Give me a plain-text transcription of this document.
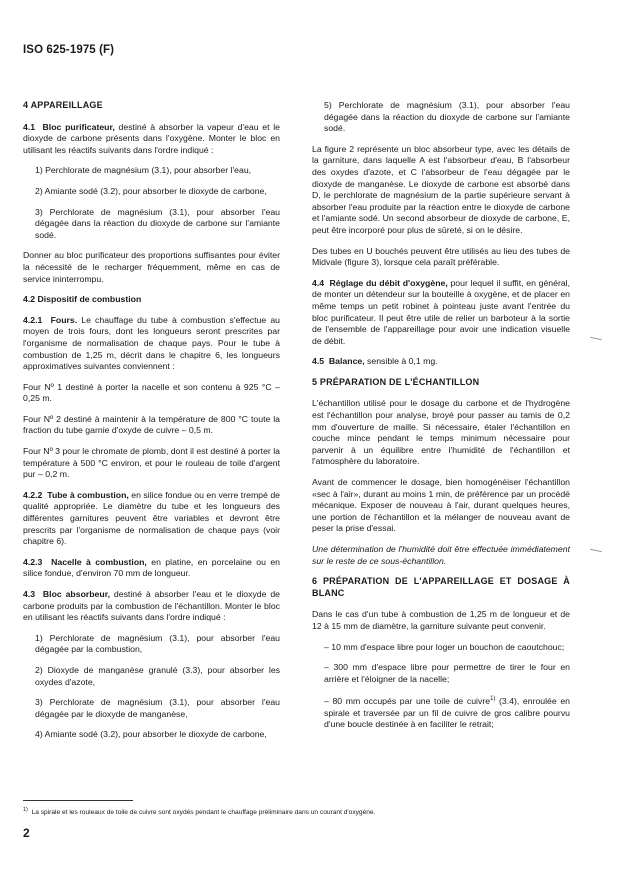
ISO 625-1975 (F)
4 APPAREILLAGE

4.1 Bloc purificateur, destiné à absorber la vapeur d'eau et le dioxyde de carbone présents dans l'oxygène. Monter le bloc en utilisant les réactifs suivants dans l'ordre indiqué :

1) Perchlorate de magnésium (3.1), pour absorber l'eau,

2) Amiante sodé (3.2), pour absorber le dioxyde de carbone,

3) Perchlorate de magnésium (3.1), pour absorber l'eau dégagée dans la réaction du dioxyde de carbone sur l'amiante sodé.

Donner au bloc purificateur des proportions suffisantes pour éviter la nécessité de le recharger fréquemment, même en cas de service ininterrompu.

4.2 Dispositif de combustion

4.2.1 Fours. Le chauffage du tube à combustion s'effectue au moyen de trois fours, dont les longueurs seront prescrites par l'organisme de normalisation de chaque pays. Pour le tube à combustion de 1,25 m, décrit dans le chapitre 6, les longueurs approximatives suivantes conviennent :

Four Nº 1 destiné à porter la nacelle et son contenu à 925 °C – 0,25 m.

Four Nº 2 destiné à maintenir à la température de 800 °C toute la fraction du tube garnie d'oxyde de cuivre – 0,5 m.

Four Nº 3 pour le chromate de plomb, dont il est destiné à porter la température à 500 °C environ, et pour le rouleau de toile d'argent pur – 0,2 m.

4.2.2 Tube à combustion, en silice fondue ou en verre trempé de qualité appropriée. Le diamètre du tube et les longueurs des différentes garnitures peuvent être variables et devront être prescrits par l'organisme de normalisation de chaque pays (voir chapitre 6).

4.2.3 Nacelle à combustion, en platine, en porcelaine ou en silice fondue, d'environ 70 mm de longueur.

4.3 Bloc absorbeur, destiné à absorber l'eau et le dioxyde de carbone produits par la combustion de l'échantillon. Monter le bloc en utilisant les réactifs suivants dans l'ordre indiqué :

1) Perchlorate de magnésium (3.1), pour absorber l'eau dégagée par la combustion,

2) Dioxyde de manganèse granulé (3.3), pour absorber les oxydes d'azote,

3) Perchlorate de magnésium (3.1), pour absorber l'eau dégagée par le dioxyde de manganèse,

4) Amiante sodé (3.2), pour absorber le dioxyde de carbone,

5) Perchlorate de magnésium (3.1), pour absorber l'eau dégagée dans la réaction du dioxyde de carbone sur l'amiante sodé.

La figure 2 représente un bloc absorbeur type, avec les détails de la garniture, dans laquelle A est l'absorbeur d'eau, B l'absorbeur des oxydes d'azote, et C l'absorbeur de l'eau dégagée par le dioxyde de manganèse. Le dioxyde de carbone est absorbé dans D, le perchlorate de magnésium de la partie supérieure servant à absorber l'eau produite par la réaction entre le dioxyde de carbone et l'amiante sodé. Un second absorbeur de dioxyde de carbone, E, peut être incorporé pour plus de sûreté, si on le désire.

Des tubes en U bouchés peuvent être utilisés au lieu des tubes de Midvale (figure 3), lorsque cela paraît préférable.

4.4 Réglage du débit d'oxygène, pour lequel il suffit, en général, de monter un détendeur sur la bouteille à oxygène, et de placer en même temps un petit robinet à pointeau juste avant l'entrée du bloc purificateur. Il peut être utile de relier un barboteur à la sortie de l'ensemble de l'appareillage pour avoir une indication visuelle de débit.

4.5 Balance, sensible à 0,1 mg.

5 PRÉPARATION DE L'ÉCHANTILLON

L'échantillon utilisé pour le dosage du carbone et de l'hydrogène est l'échantillon pour analyse, broyé pour passer au tamis de 0,2 mm d'ouverture de maille. Si nécessaire, étaler l'échantillon en couche mince pendant le temps minimum nécessaire pour parvenir à un équilibre entre l'humidité de l'échantillon et l'atmosphère du laboratoire.

Avant de commencer le dosage, bien homogénéiser l'échantillon «sec à l'air», durant au moins 1 min, de préférence par un procédé mécanique. Exposer de nouveau à l'air, durant quelques heures, une portion de l'échantillon et la mélanger de nouveau avant de peser la prise d'essai.

Une détermination de l'humidité doit être effectuée immédiatement sur le reste de ce sous-échantillon.

6 PRÉPARATION DE L'APPAREILLAGE ET DOSAGE À BLANC

Dans le cas d'un tube à combustion de 1,25 m de longueur et de 12 à 15 mm de diamètre, la garniture suivante peut convenir.

– 10 mm d'espace libre pour loger un bouchon de caoutchouc;

– 300 mm d'espace libre pour permettre de tirer le four en arrière et l'éloigner de la nacelle;

– 80 mm occupés par une toile de cuivre$^{1)}$ (3.4), enroulée en spirale et traversée par un fil de cuivre de gros calibre pourvu d'une boucle destinée à en faciliter le retrait;

$^{1)}$ La spirale et les rouleaux de toile de cuivre sont oxydés pendant le chauffage préliminaire dans un courant d'oxygène.
2
